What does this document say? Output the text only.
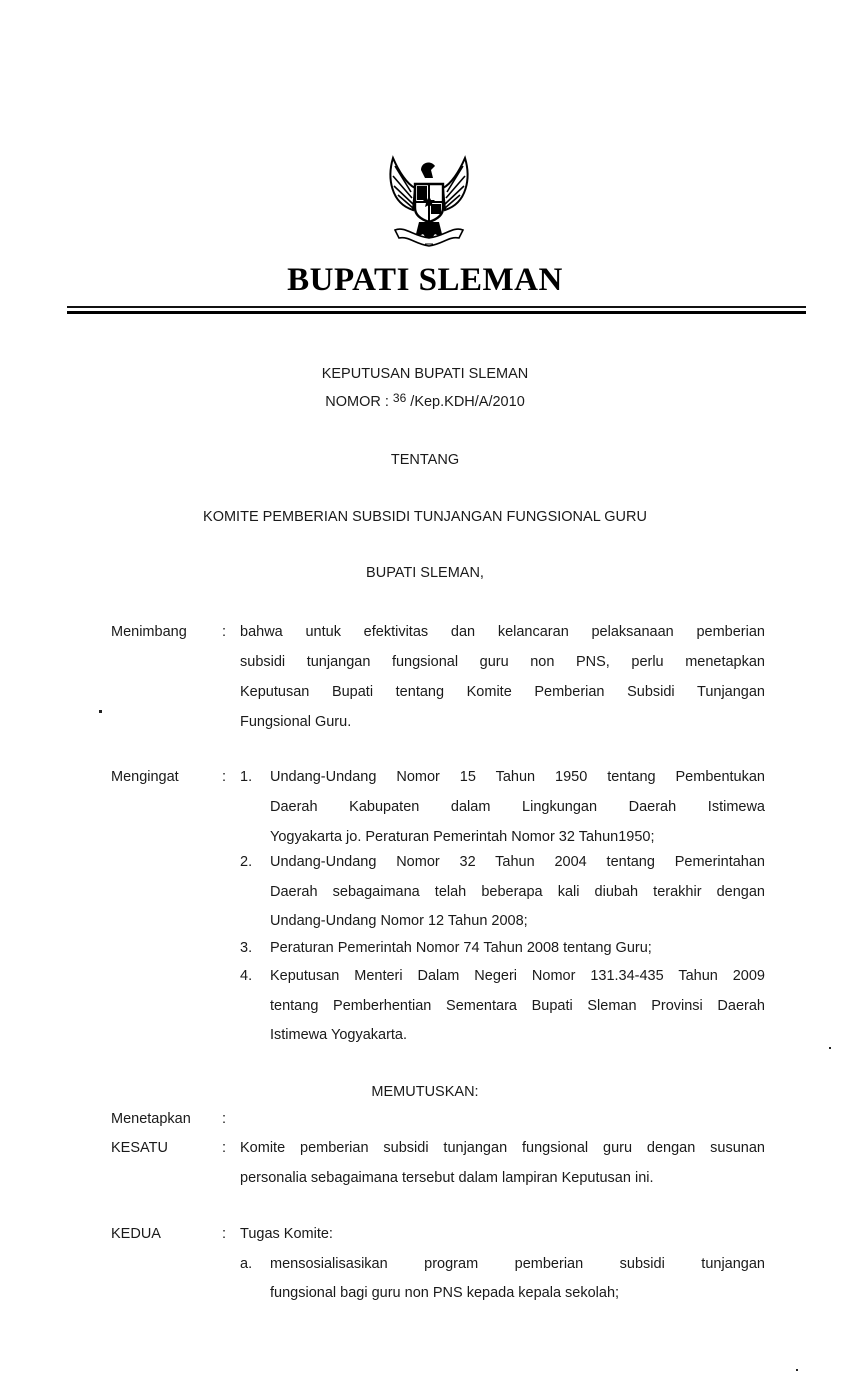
BUPATI SLEMAN
KEPUTUSAN BUPATI SLEMAN
NOMOR : $^{36}$ /Kep.KDH/A/2010
TENTANG
KOMITE PEMBERIAN SUBSIDI TUNJANGAN FUNGSIONAL GURU
BUPATI SLEMAN,
Menimbang : bahwa untuk efektivitas dan kelancaran pelaksanaan pemberian
subsidi tunjangan fungsional guru non PNS, perlu menetapkan
Keputusan Bupati tentang Komite Pemberian Subsidi Tunjangan
Fungsional Guru.
Mengingat	: 1. Undang-Undang Nomor 15 Tahun 1950 tentang Pembentukan
Daerah Kabupaten dalam Lingkungan Daerah Istimewa
Yogyakarta jo. Peraturan Pemerintah Nomor 32 Tahun1950;
2. Undang-Undang Nomor 32 Tahun 2004 tentang Pemerintahan
Daerah sebagaimana telah beberapa kali diubah terakhir dengan
Undang-Undang Nomor 12 Tahun 2008;
3. Peraturan Pemerintah Nomor 74 Tahun 2008 tentang Guru;
4. Keputusan Menteri Dalam Negeri Nomor 131.34-435 Tahun 2009
tentang Pemberhentian Sementara Bupati Sleman Provinsi Daerah
Istimewa Yogyakarta.
MEMUTUSKAN:
Menetapkan :
KESATU	: Komite pemberian subsidi tunjangan fungsional guru dengan susunan
personalia sebagaimana tersebut dalam lampiran Keputusan ini.
KEDUA	: Tugas Komite:
a. mensosialisasikan program pemberian subsidi tunjangan
fungsional bagi guru non PNS kepada kepala sekolah;
